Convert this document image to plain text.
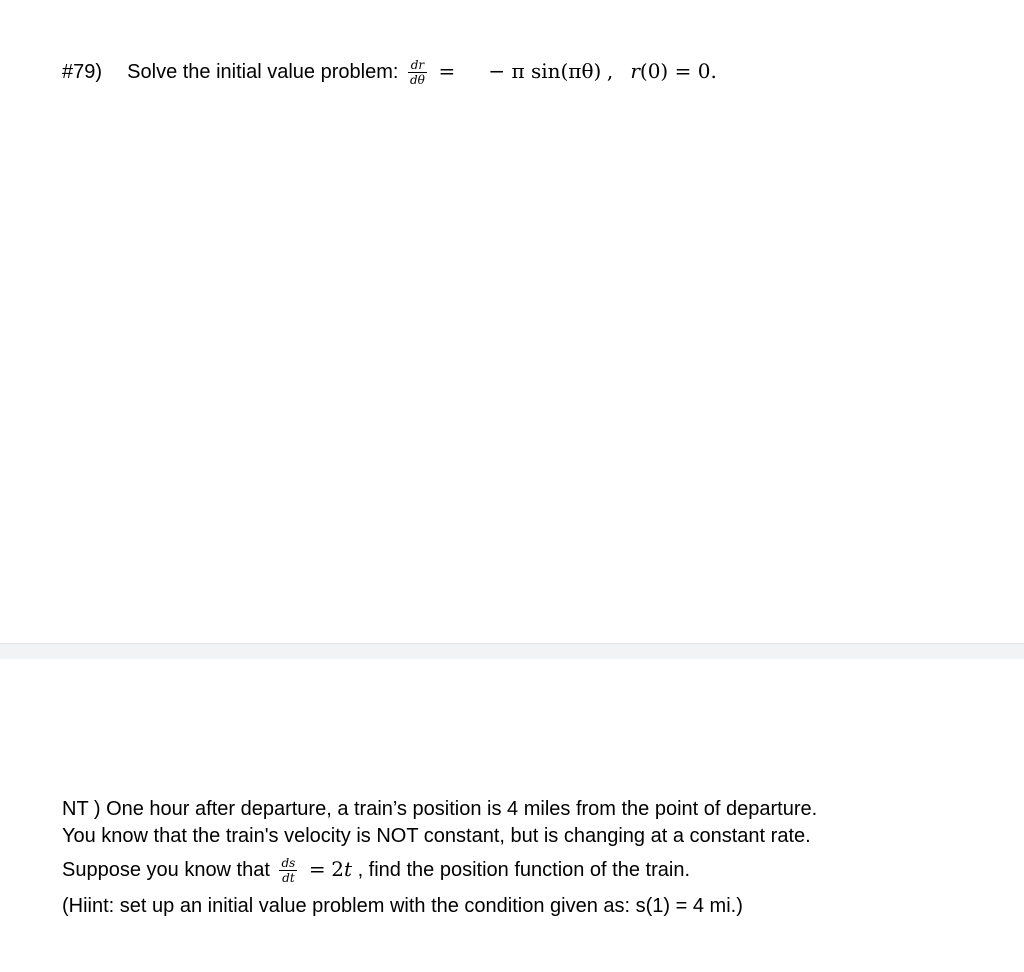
#79) Solve the initial value problem: $\frac{dr}{d\theta}$ = − π sin(πθ) , r(0) = 0.
NT ) One hour after departure, a train’s position is 4 miles from the point of departure.
You know that the train's velocity is NOT constant, but is changing at a constant rate.
Suppose you know that $\frac{ds}{dt} = 2t$ , find the position function of the train.
(Hiint: set up an initial value problem with the condition given as: s(1) = 4 mi.)
